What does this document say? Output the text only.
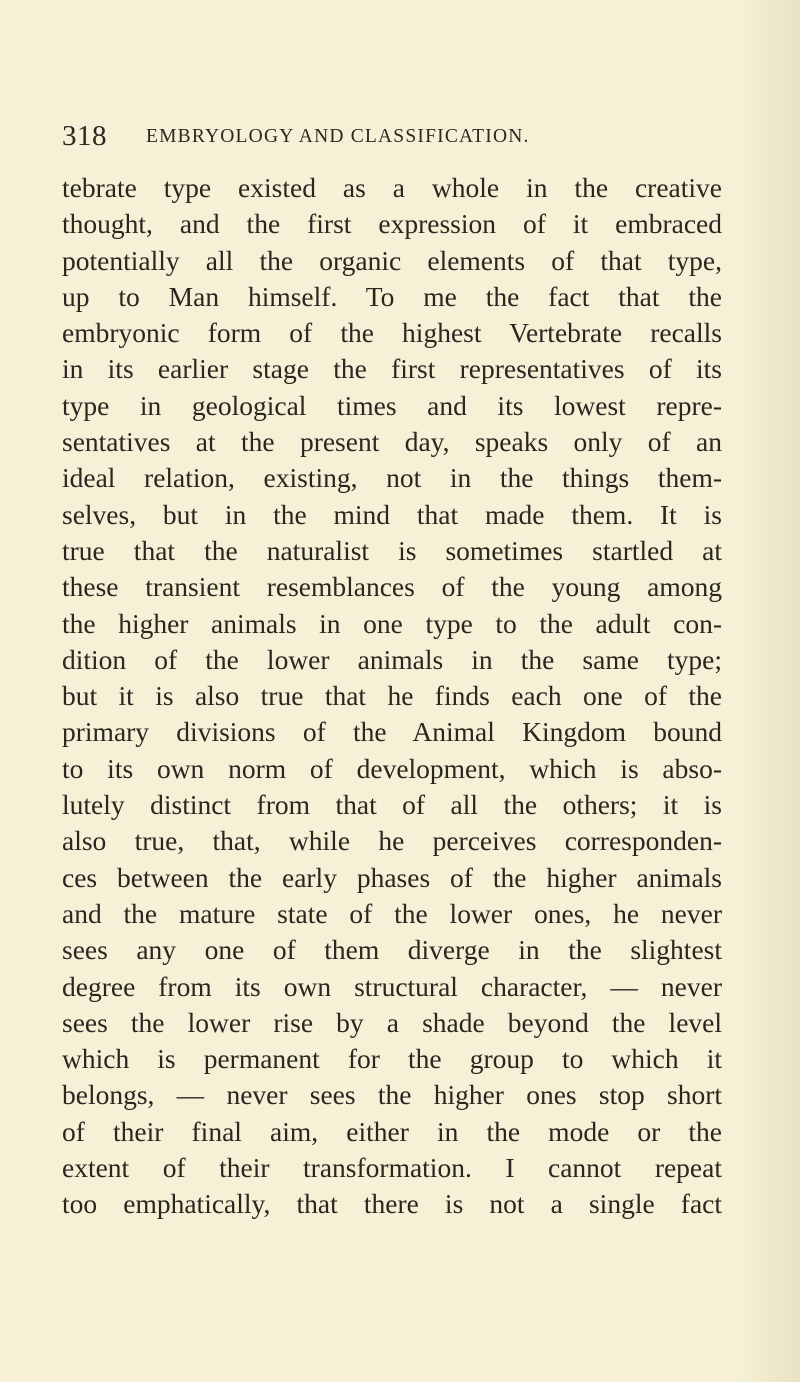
318 EMBRYOLOGY AND CLASSIFICATION.
tebrate type existed as a whole in the creative
thought, and the first expression of it embraced
potentially all the organic elements of that type,
up to Man himself. To me the fact that the
embryonic form of the highest Vertebrate recalls
in its earlier stage the first representatives of its
type in geological times and its lowest repre-
sentatives at the present day, speaks only of an
ideal relation, existing, not in the things them-
selves, but in the mind that made them. It is
true that the naturalist is sometimes startled at
these transient resemblances of the young among
the higher animals in one type to the adult con-
dition of the lower animals in the same type;
but it is also true that he finds each one of the
primary divisions of the Animal Kingdom bound
to its own norm of development, which is abso-
lutely distinct from that of all the others; it is
also true, that, while he perceives corresponden-
ces between the early phases of the higher animals
and the mature state of the lower ones, he never
sees any one of them diverge in the slightest
degree from its own structural character, — never
sees the lower rise by a shade beyond the level
which is permanent for the group to which it
belongs, — never sees the higher ones stop short
of their final aim, either in the mode or the
extent of their transformation. I cannot repeat
too emphatically, that there is not a single fact
